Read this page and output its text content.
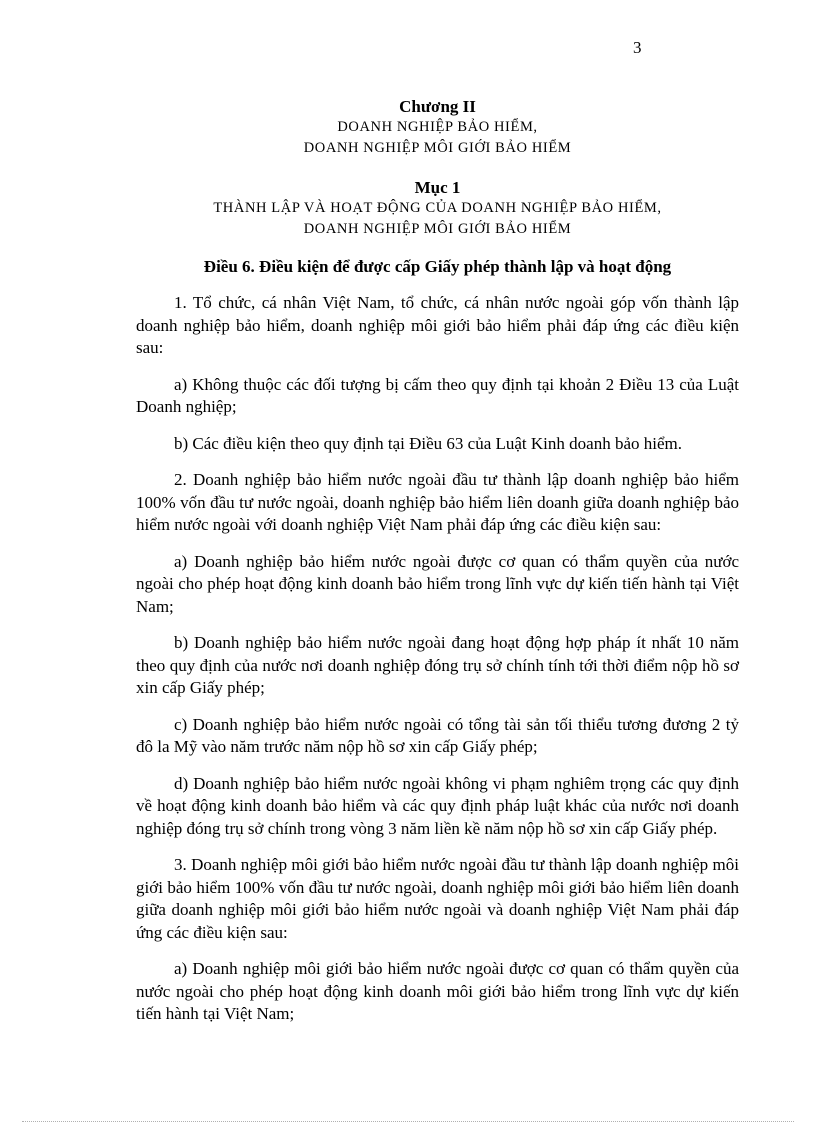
3
Chương II
DOANH NGHIỆP BẢO HIỂM,
DOANH NGHIỆP MÔI GIỚI BẢO HIỂM
Mục 1
THÀNH LẬP VÀ HOẠT ĐỘNG CỦA DOANH NGHIỆP BẢO HIỂM,
DOANH NGHIỆP MÔI GIỚI BẢO HIỂM
Điều 6. Điều kiện để được cấp Giấy phép thành lập và hoạt động

1. Tổ chức, cá nhân Việt Nam, tổ chức, cá nhân nước ngoài góp vốn thành lập doanh nghiệp bảo hiểm, doanh nghiệp môi giới bảo hiểm phải đáp ứng các điều kiện sau:

a) Không thuộc các đối tượng bị cấm theo quy định tại khoản 2 Điều 13 của Luật Doanh nghiệp;

b) Các điều kiện theo quy định tại Điều 63 của Luật Kinh doanh bảo hiểm.

2. Doanh nghiệp bảo hiểm nước ngoài đầu tư thành lập doanh nghiệp bảo hiểm 100% vốn đầu tư nước ngoài, doanh nghiệp bảo hiểm liên doanh giữa doanh nghiệp bảo hiểm nước ngoài với doanh nghiệp Việt Nam phải đáp ứng các điều kiện sau:

a) Doanh nghiệp bảo hiểm nước ngoài được cơ quan có thẩm quyền của nước ngoài cho phép hoạt động kinh doanh bảo hiểm trong lĩnh vực dự kiến tiến hành tại Việt Nam;

b) Doanh nghiệp bảo hiểm nước ngoài đang hoạt động hợp pháp ít nhất 10 năm theo quy định của nước nơi doanh nghiệp đóng trụ sở chính tính tới thời điểm nộp hồ sơ xin cấp Giấy phép;

c) Doanh nghiệp bảo hiểm nước ngoài có tổng tài sản tối thiểu tương đương 2 tỷ đô la Mỹ vào năm trước năm nộp hồ sơ xin cấp Giấy phép;

d) Doanh nghiệp bảo hiểm nước ngoài không vi phạm nghiêm trọng các quy định về hoạt động kinh doanh bảo hiểm và các quy định pháp luật khác của nước nơi doanh nghiệp đóng trụ sở chính trong vòng 3 năm liền kề năm nộp hồ sơ xin cấp Giấy phép.

3. Doanh nghiệp môi giới bảo hiểm nước ngoài đầu tư thành lập doanh nghiệp môi giới bảo hiểm 100% vốn đầu tư nước ngoài, doanh nghiệp môi giới bảo hiểm liên doanh giữa doanh nghiệp môi giới bảo hiểm nước ngoài và doanh nghiệp Việt Nam phải đáp ứng các điều kiện sau:

a) Doanh nghiệp môi giới bảo hiểm nước ngoài được cơ quan có thẩm quyền của nước ngoài cho phép hoạt động kinh doanh môi giới bảo hiểm trong lĩnh vực dự kiến tiến hành tại Việt Nam;
